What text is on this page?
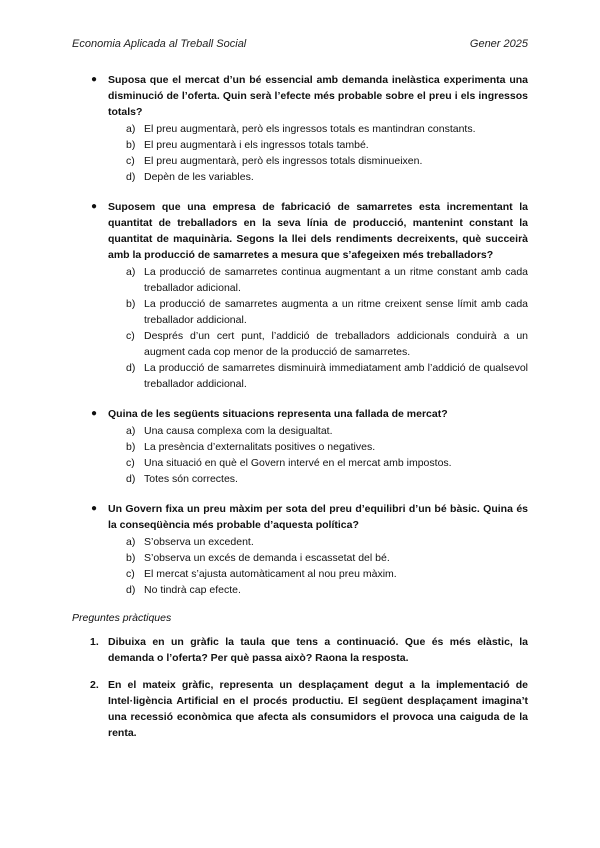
Economia Aplicada al Treball Social	Gener 2025
● Suposa que el mercat d’un bé essencial amb demanda inelàstica experimenta una disminució de l’oferta. Quin serà l’efecte més probable sobre el preu i els ingressos totals?
a) El preu augmentarà, però els ingressos totals es mantindran constants.
b) El preu augmentarà i els ingressos totals també.
c) El preu augmentarà, però els ingressos totals disminueixen.
d) Depèn de les variables.
● Suposem que una empresa de fabricació de samarretes esta incrementant la quantitat de treballadors en la seva línia de producció, mantenint constant la quantitat de maquinària. Segons la llei dels rendiments decreixents, què succeirà amb la producció de samarretes a mesura que s’afegeixen més treballadors?
a) La producció de samarretes continua augmentant a un ritme constant amb cada treballador adicional.
b) La producció de samarretes augmenta a un ritme creixent sense límit amb cada treballador addicional.
c) Després d’un cert punt, l’addició de treballadors addicionals conduirà a un augment cada cop menor de la producció de samarretes.
d) La producció de samarretes disminuirà immediatament amb l’addició de qualsevol treballador addicional.
● Quina de les següents situacions representa una fallada de mercat?
a) Una causa complexa com la desigualtat.
b) La presència d’externalitats positives o negatives.
c) Una situació en què el Govern intervé en el mercat amb impostos.
d) Totes són correctes.
● Un Govern fixa un preu màxim per sota del preu d’equilibri d’un bé bàsic. Quina és la conseqüència més probable d’aquesta política?
a) S’observa un excedent.
b) S’observa un excés de demanda i escassetat del bé.
c) El mercat s’ajusta automàticament al nou preu màxim.
d) No tindrà cap efecte.
Preguntes pràctiques
1. Dibuixa en un gràfic la taula que tens a continuació. Que és més elàstic, la demanda o l’oferta? Per què passa això? Raona la resposta.
2. En el mateix gràfic, representa un desplaçament degut a la implementació de Intel·ligència Artificial en el procés productiu. El següent desplaçament imagina’t una recessió econòmica que afecta als consumidors el provoca una caiguda de la renta.
